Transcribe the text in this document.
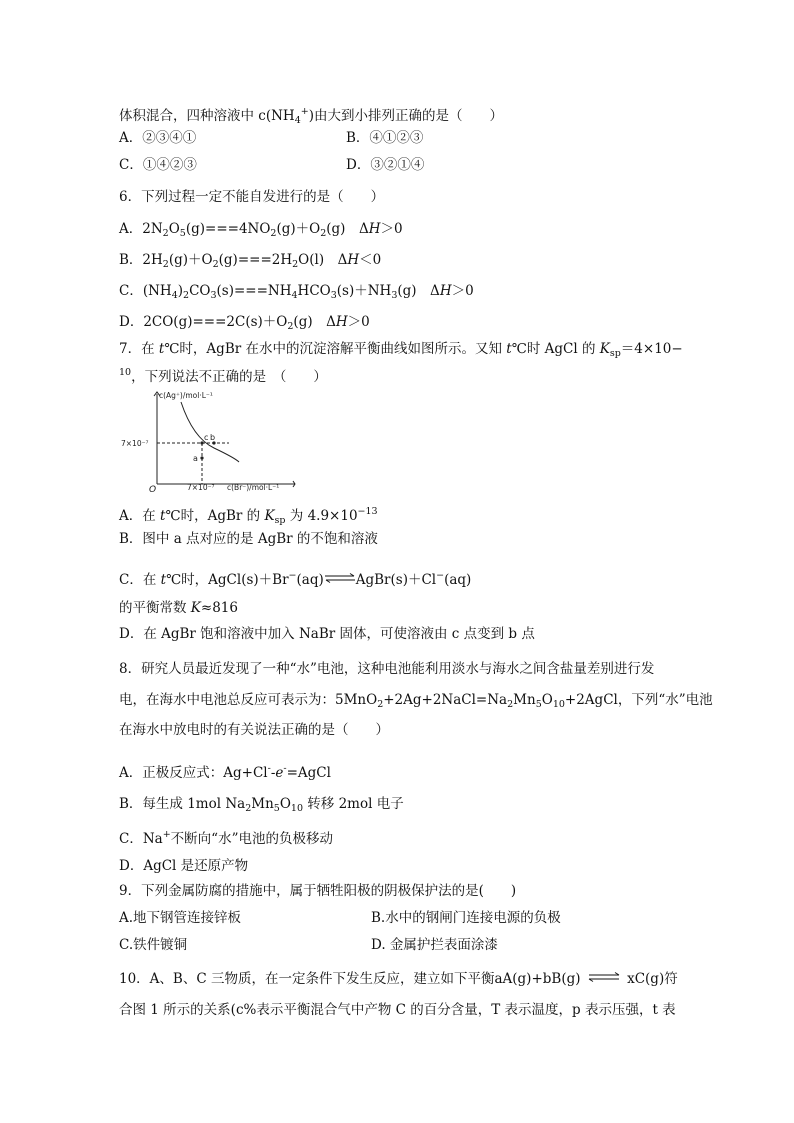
体积混合，四种溶液中 $c(NH_4^+)$由大到小排列正确的是（　　）
A．②③④①	B．④①②③
C．①④②③	D．③②①④
6．下列过程一定不能自发进行的是（　　）
A．$2N_2O_5(g)===4NO_2(g)+O_2(g)$　ΔH＞0
B．$2H_2(g)+O_2(g)===2H_2O(l)$　ΔH＜0
C．$(NH_4)_2CO_3(s)===NH_4HCO_3(s)+NH_3(g)$　ΔH＞0
D．$2CO(g)===2C(s)+O_2(g)$　ΔH＞0
7．在 t℃时，AgBr 在水中的沉淀溶解平衡曲线如图所示。又知 t℃时 AgCl 的 $K_{sp}=4\times 10-$
$^{10}$，下列说法不正确的是　（　　）
c(Ag⁺)/mol·L⁻¹
c(Br⁻)/mol·L⁻¹
7×10⁻⁷
7×10⁻⁷
O
a
b
c
A．在 t℃时，AgBr 的 $K_{sp}$ 为 $4.9\times 10^{-13}$
B．图中 a 点对应的是 AgBr 的不饱和溶液
C．在 t℃时，AgCl(s)＋Br−(aq)⇌AgBr(s)＋Cl−(aq)
的平衡常数 K≈816
D．在 AgBr 饱和溶液中加入 NaBr 固体，可使溶液由 c 点变到 b 点
8．研究人员最近发现了一种“水”电池，这种电池能利用淡水与海水之间含盐量差别进行发
电，在海水中电池总反应可表示为：$5MnO_2+2Ag+2NaCl=Na_2Mn_5O_{10}+2AgCl$，下列“水”电池
在海水中放电时的有关说法正确的是（　　）
A．正极反应式：Ag+Cl--e-=AgCl
B．每生成 1mol $Na_2Mn_5O_{10}$ 转移 2mol 电子
C．Na+不断向“水”电池的负极移动
D．AgCl 是还原产物
9．下列金属防腐的措施中，属于牺牲阳极的阴极保护法的是(　　)
A.地下钢管连接锌板	B.水中的钢闸门连接电源的负极
C.铁件镀铜	D. 金属护拦表面涂漆
10．A、B、C 三物质，在一定条件下发生反应，建立如下平衡aA(g)+bB(g) ⇌ xC(g)符
合图 1 所示的关系(c%表示平衡混合气中产物 C 的百分含量，T 表示温度，p 表示压强，t 表
